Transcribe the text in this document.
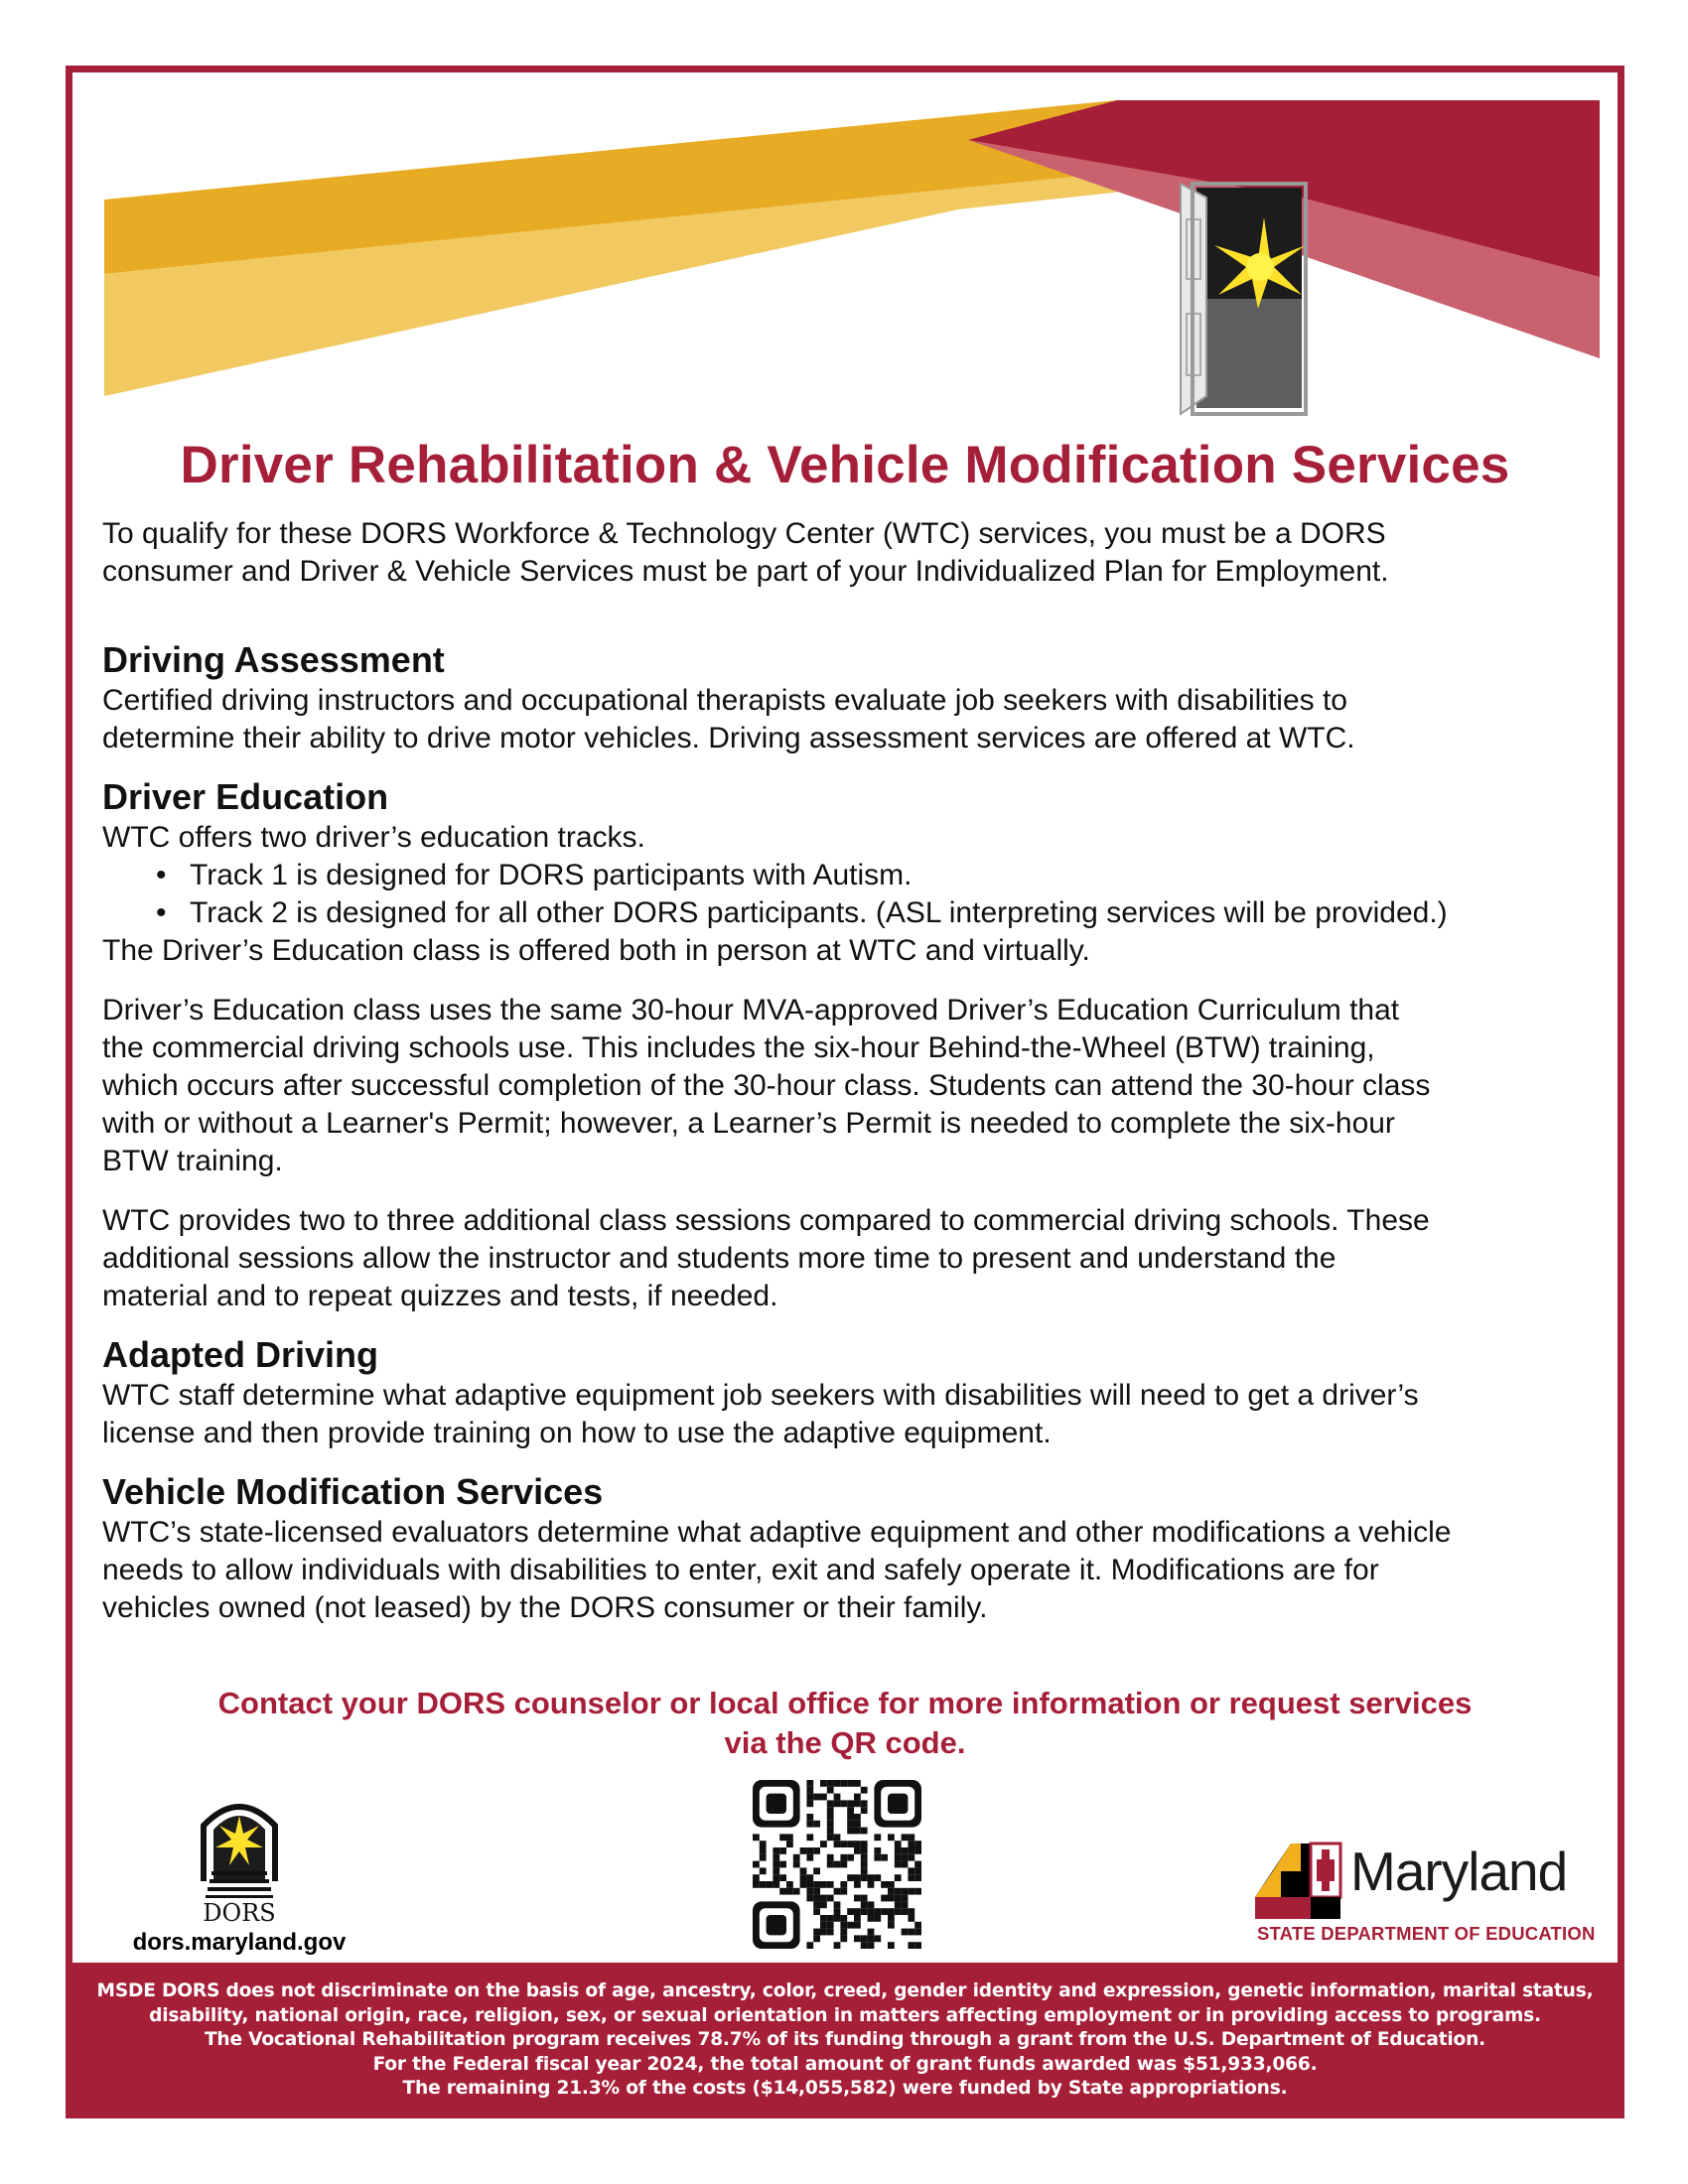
Driver Rehabilitation & Vehicle Modification Services

To qualify for these DORS Workforce & Technology Center (WTC) services, you must be a DORS

consumer and Driver & Vehicle Services must be part of your Individualized Plan for Employment.

Driving Assessment

Certified driving instructors and occupational therapists evaluate job seekers with disabilities to

determine their ability to drive motor vehicles. Driving assessment services are offered at WTC.

Driver Education

WTC offers two driver’s education tracks.

• Track 1 is designed for DORS participants with Autism.
• Track 2 is designed for all other DORS participants. (ASL interpreting services will be provided.)

The Driver’s Education class is offered both in person at WTC and virtually.

Driver’s Education class uses the same 30-hour MVA-approved Driver’s Education Curriculum that

the commercial driving schools use. This includes the six-hour Behind-the-Wheel (BTW) training,

which occurs after successful completion of the 30-hour class. Students can attend the 30-hour class

with or without a Learner's Permit; however, a Learner’s Permit is needed to complete the six-hour

BTW training.

WTC provides two to three additional class sessions compared to commercial driving schools. These

additional sessions allow the instructor and students more time to present and understand the

material and to repeat quizzes and tests, if needed.

Adapted Driving

WTC staff determine what adaptive equipment job seekers with disabilities will need to get a driver’s

license and then provide training on how to use the adaptive equipment.

Vehicle Modification Services

WTC’s state-licensed evaluators determine what adaptive equipment and other modifications a vehicle

needs to allow individuals with disabilities to enter, exit and safely operate it. Modifications are for

vehicles owned (not leased) by the DORS consumer or their family.

Contact your DORS counselor or local office for more information or request services

via the QR code.

DORS
dors.maryland.gov
Maryland
STATE DEPARTMENT OF EDUCATION

MSDE DORS does not discriminate on the basis of age, ancestry, color, creed, gender identity and expression, genetic information, marital status,

disability, national origin, race, religion, sex, or sexual orientation in matters affecting employment or in providing access to programs.

The Vocational Rehabilitation program receives 78.7% of its funding through a grant from the U.S. Department of Education.

For the Federal fiscal year 2024, the total amount of grant funds awarded was $51,933,066.

The remaining 21.3% of the costs ($14,055,582) were funded by State appropriations.
